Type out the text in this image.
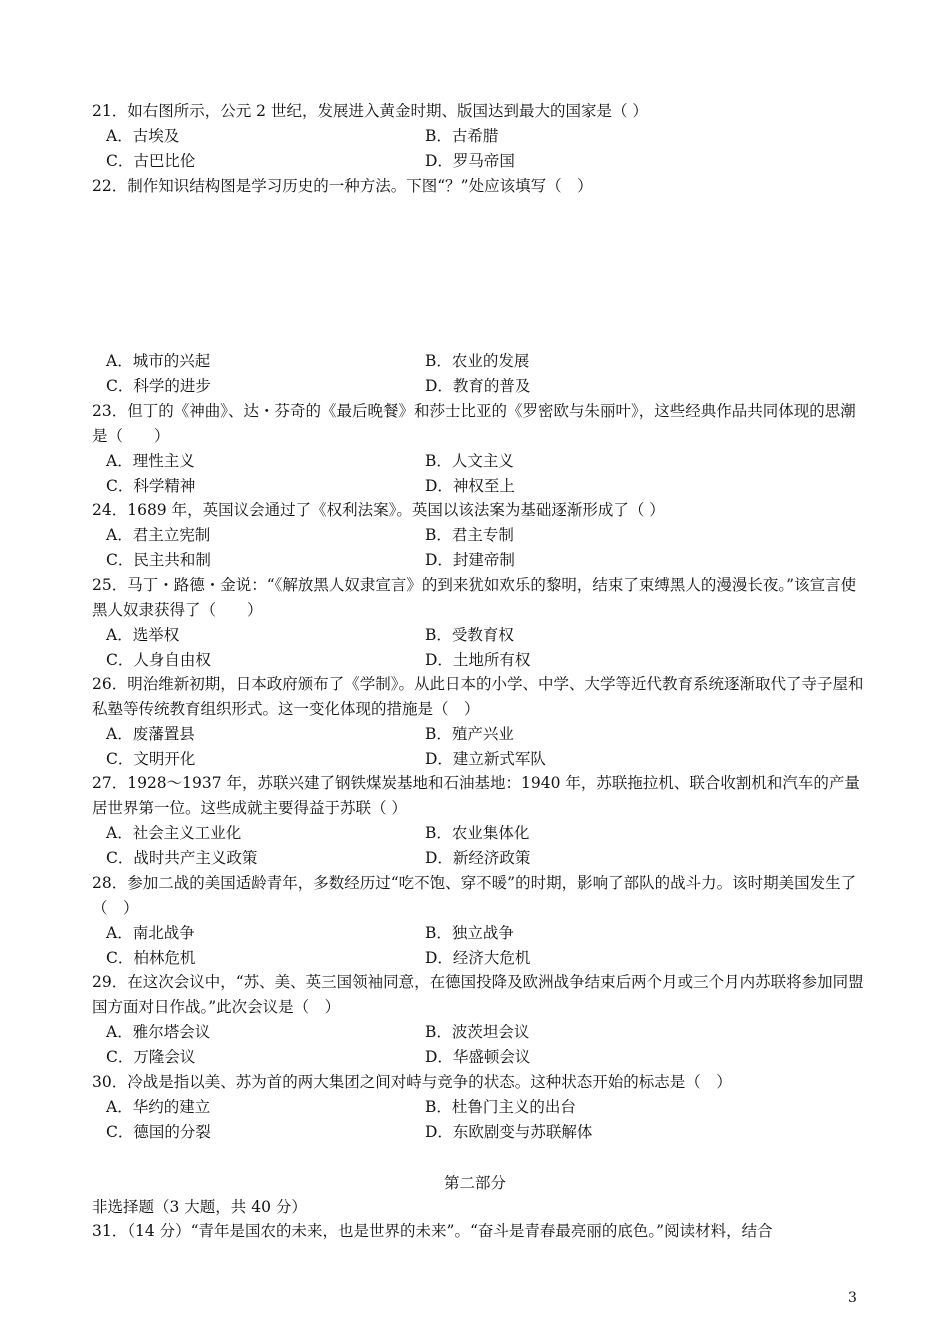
21．如右图所示，公元 2 世纪，发展进入黄金时期、版国达到最大的国家是（ ）
A．古埃及	B．古希腊
C．古巴比伦	D．罗马帝国
22．制作知识结构图是学习历史的一种方法。下图“？”处应该填写（　）
A．城市的兴起	B．农业的发展
C．科学的进步	D．教育的普及
23．但丁的《神曲》、达・芬奇的《最后晚餐》和莎士比亚的《罗密欧与朱丽叶》，这些经典作品共同体现的思潮是（　　）
A．理性主义	B．人文主义
C．科学精神	D．神权至上
24．1689 年，英国议会通过了《权利法案》。英国以该法案为基础逐渐形成了（ ）
A．君主立宪制	B．君主专制
C．民主共和制	D．封建帝制
25．马丁・路德・金说：“《解放黑人奴隶宣言》的到来犹如欢乐的黎明，结束了束缚黑人的漫漫长夜。”该宣言使黑人奴隶获得了（　　）
A．选举权	B．受教育权
C．人身自由权	D．土地所有权
26．明治维新初期，日本政府颁布了《学制》。从此日本的小学、中学、大学等近代教育系统逐渐取代了寺子屋和私塾等传统教育组织形式。这一变化体现的措施是（　）
A．废藩置县	B．殖产兴业
C．文明开化	D．建立新式军队
27．1928～1937 年，苏联兴建了钢铁煤炭基地和石油基地：1940 年，苏联拖拉机、联合收割机和汽车的产量居世界第一位。这些成就主要得益于苏联（ ）
A．社会主义工业化	B．农业集体化
C．战时共产主义政策	D．新经济政策
28．参加二战的美国适龄青年，多数经历过“吃不饱、穿不暖”的时期，影响了部队的战斗力。该时期美国发生了（　）
A．南北战争	B．独立战争
C．柏林危机	D．经济大危机
29．在这次会议中，“苏、美、英三国领袖同意，在德国投降及欧洲战争结束后两个月或三个月内苏联将参加同盟国方面对日作战。”此次会议是（　）
A．雅尔塔会议	B．波茨坦会议
C．万隆会议	D．华盛顿会议
30．冷战是指以美、苏为首的两大集团之间对峙与竞争的状态。这种状态开始的标志是（　）
A．华约的建立	B．杜鲁门主义的出台
C．德国的分裂	D．东欧剧变与苏联解体
第二部分
非选择题（3 大题，共 40 分）
31．（14 分）“青年是国农的未来，也是世界的未来”。“奋斗是青春最亮丽的底色。”阅读材料，结合
3
